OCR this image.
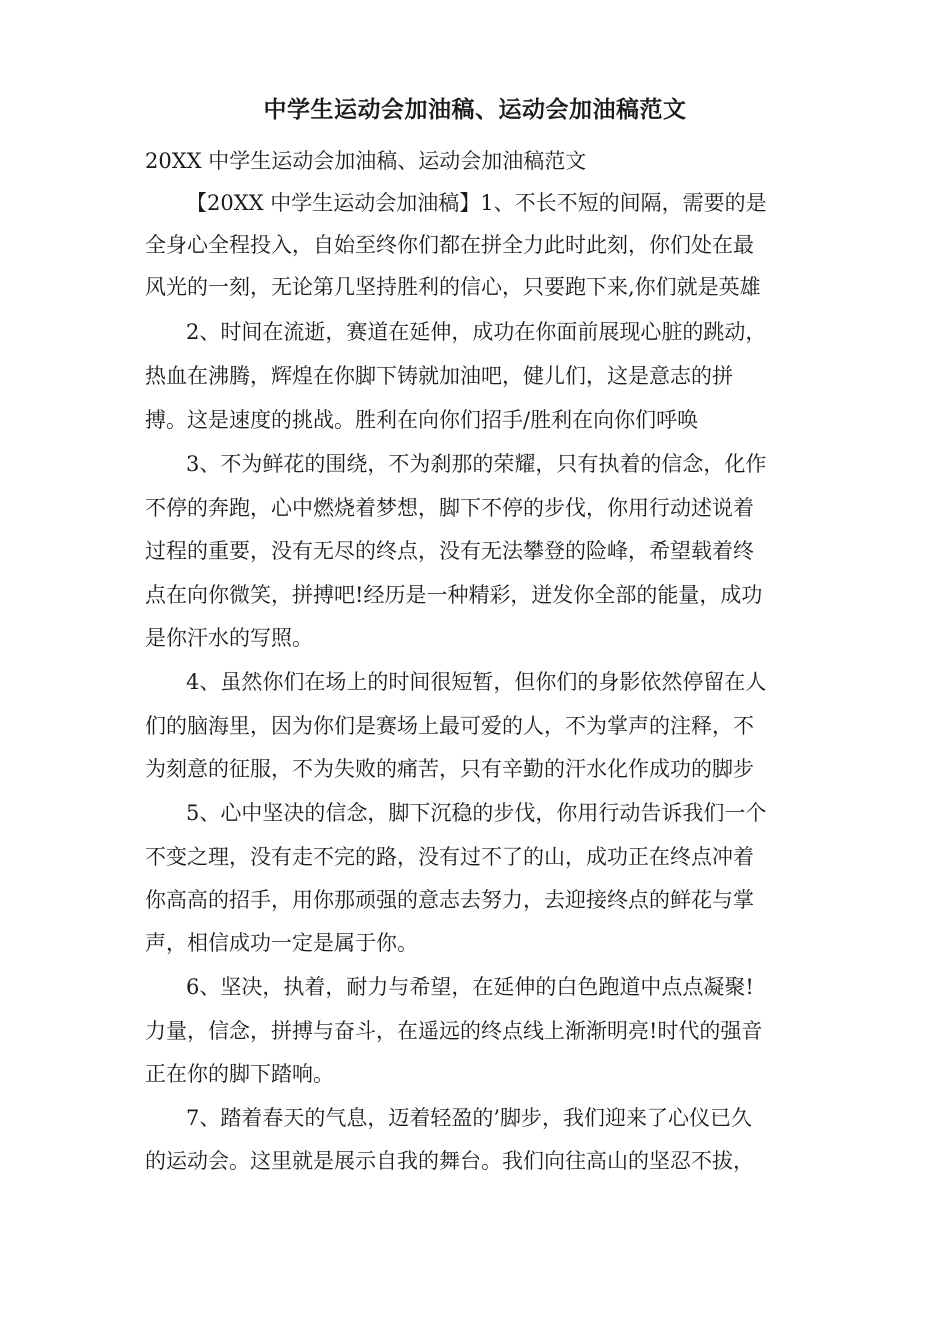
中学生运动会加油稿、运动会加油稿范文
20XX 中学生运动会加油稿、运动会加油稿范文
【20XX 中学生运动会加油稿】1、不长不短的间隔，需要的是
全身心全程投入，自始至终你们都在拼全力此时此刻，你们处在最
风光的一刻，无论第几坚持胜利的信心，只要跑下来,你们就是英雄
2、时间在流逝，赛道在延伸，成功在你面前展现心脏的跳动，
热血在沸腾，辉煌在你脚下铸就加油吧，健儿们，这是意志的拼
搏。这是速度的挑战。胜利在向你们招手/胜利在向你们呼唤
3、不为鲜花的围绕，不为刹那的荣耀，只有执着的信念，化作
不停的奔跑，心中燃烧着梦想，脚下不停的步伐，你用行动述说着
过程的重要，没有无尽的终点，没有无法攀登的险峰，希望载着终
点在向你微笑，拼搏吧!经历是一种精彩，迸发你全部的能量，成功
是你汗水的写照。
4、虽然你们在场上的时间很短暂，但你们的身影依然停留在人
们的脑海里，因为你们是赛场上最可爱的人，不为掌声的注释，不
为刻意的征服，不为失败的痛苦，只有辛勤的汗水化作成功的脚步
5、心中坚决的信念，脚下沉稳的步伐，你用行动告诉我们一个
不变之理，没有走不完的路，没有过不了的山，成功正在终点冲着
你高高的招手，用你那顽强的意志去努力，去迎接终点的鲜花与掌
声，相信成功一定是属于你。
6、坚决，执着，耐力与希望，在延伸的白色跑道中点点凝聚!
力量，信念，拼搏与奋斗，在遥远的终点线上渐渐明亮!时代的强音
正在你的脚下踏响。
7、踏着春天的气息，迈着轻盈的’脚步，我们迎来了心仪已久
的运动会。这里就是展示自我的舞台。我们向往高山的坚忍不拔，
